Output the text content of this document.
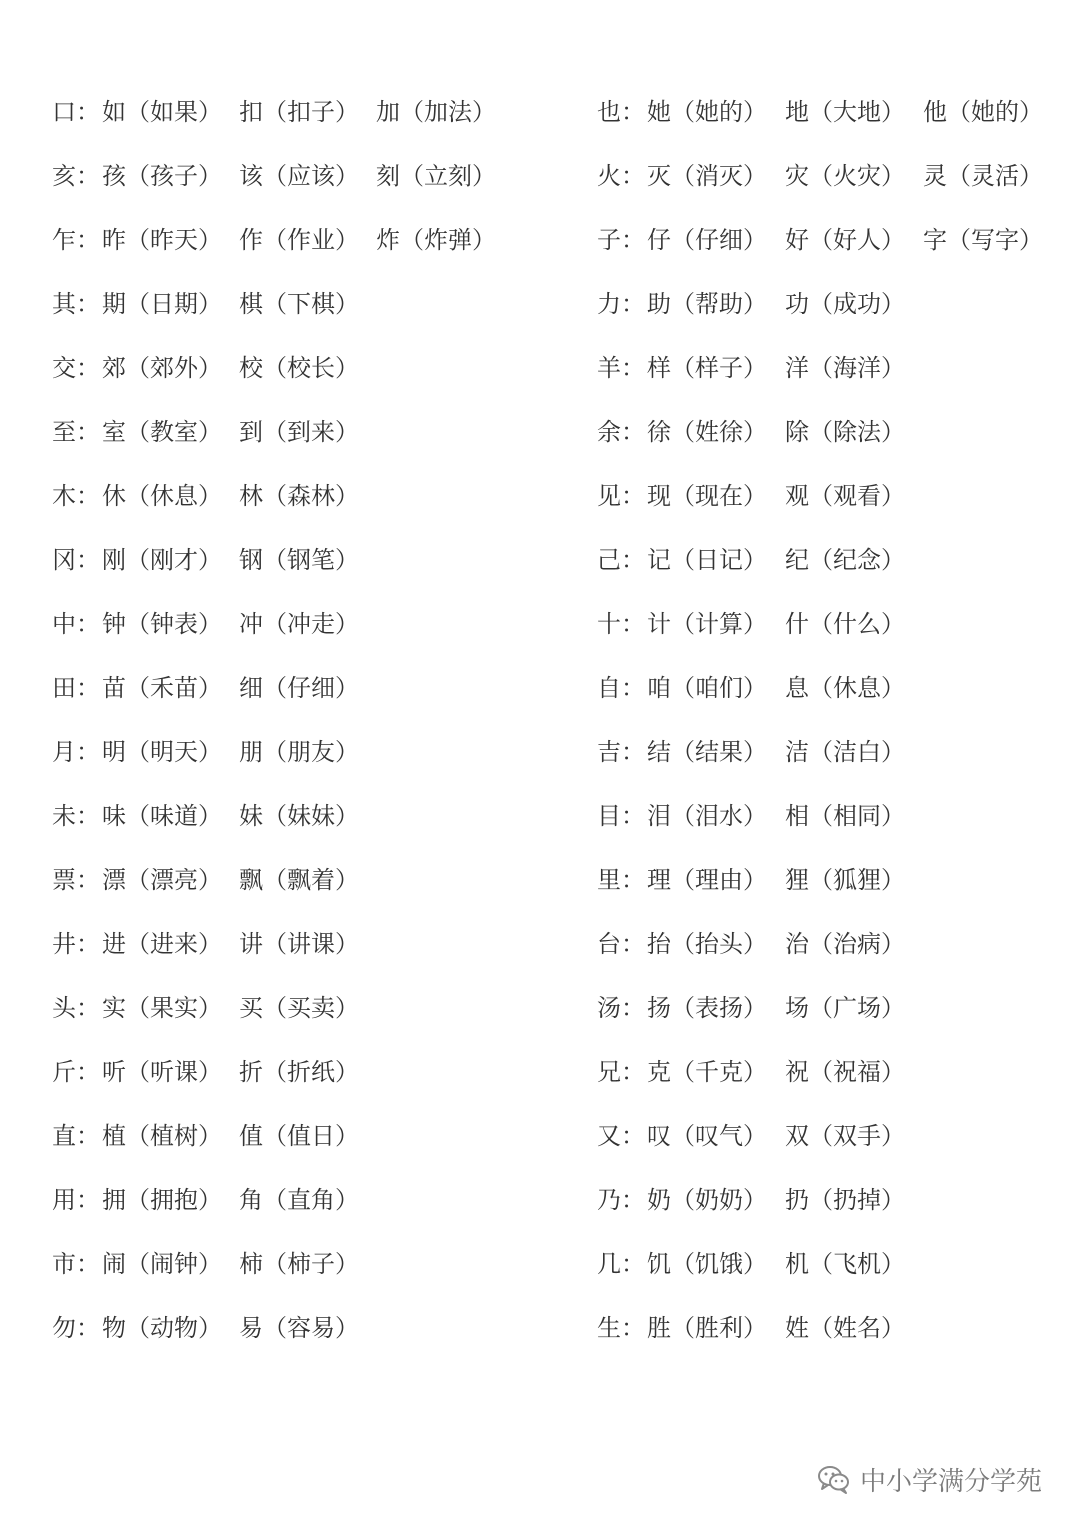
口： 如（如果） 扣（扣子） 加（加法）
亥： 孩（孩子） 该（应该） 刻（立刻）
乍： 昨（昨天） 作（作业） 炸（炸弹）
其： 期（日期） 棋（下棋）
交： 郊（郊外） 校（校长）
至： 室（教室） 到（到来）
木： 休（休息） 林（森林）
冈： 刚（刚才） 钢（钢笔）
中： 钟（钟表） 冲（冲走）
田： 苗（禾苗） 细（仔细）
月： 明（明天） 朋（朋友）
未： 味（味道） 妹（妹妹）
票： 漂（漂亮） 飘（飘着）
井： 进（进来） 讲（讲课）
头： 实（果实） 买（买卖）
斤： 听（听课） 折（折纸）
直： 植（植树） 值（值日）
用： 拥（拥抱） 角（直角）
市： 闹（闹钟） 柿（柿子）
勿： 物（动物） 易（容易）
也： 她（她的） 地（大地） 他（她的）
火： 灭（消灭） 灾（火灾） 灵（灵活）
子： 仔（仔细） 好（好人） 字（写字）
力： 助（帮助） 功（成功）
羊： 样（样子） 洋（海洋）
余： 徐（姓徐） 除（除法）
见： 现（现在） 观（观看）
己： 记（日记） 纪（纪念）
十： 计（计算） 什（什么）
自： 咱（咱们） 息（休息）
吉： 结（结果） 洁（洁白）
目： 泪（泪水） 相（相同）
里： 理（理由） 狸（狐狸）
台： 抬（抬头） 治（治病）
汤： 扬（表扬） 场（广场）
兄： 克（千克） 祝（祝福）
又： 叹（叹气） 双（双手）
乃： 奶（奶奶） 扔（扔掉）
几： 饥（饥饿） 机（飞机）
生： 胜（胜利） 姓（姓名）
中小学满分学苑
